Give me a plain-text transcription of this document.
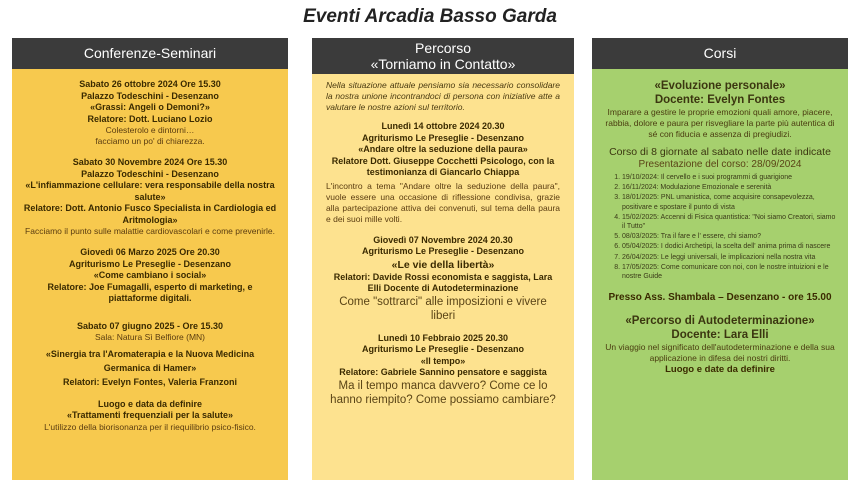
Eventi Arcadia Basso Garda
Conferenze-Seminari

Sabato 26 ottobre 2024 Ore 15.30

Palazzo Todeschini - Desenzano

«Grassi: Angeli o Demoni?»

Relatore: Dott. Luciano Lozio

Colesterolo e dintorni…

facciamo un po' di chiarezza.

Sabato 30 Novembre 2024 Ore 15.30

Palazzo Todeschini - Desenzano

«L'infiammazione cellulare: vera responsabile della nostra salute»

Relatore: Dott. Antonio Fusco Specialista in Cardiologia ed Aritmologia»

Facciamo il punto sulle malattie cardiovascolari e come prevenirle.

Giovedì 06 Marzo 2025 Ore 20.30

Agriturismo Le Preseglie - Desenzano

«Come cambiano i social»

Relatore: Joe Fumagalli, esperto di marketing, e piattaforme digitali.

Sabato 07 giugno 2025 - Ore 15.30

Sala: Natura Sì Belfiore (MN)

«Sinergia tra l'Aromaterapia e la Nuova Medicina Germanica di Hamer»

Relatori: Evelyn Fontes, Valeria Franzoni

Luogo e data da definire

«Trattamenti frequenziali per la salute»

L'utilizzo della biorisonanza per il riequilibrio psico-fisico.

Percorso
«Torniamo in Contatto»

Nella situazione attuale pensiamo sia necessario consolidare la nostra unione incontrandoci di persona con iniziative atte a valutare le nostre azioni sul territorio.

Lunedì 14 ottobre 2024 20.30

Agriturismo Le Preseglie - Desenzano

«Andare oltre la seduzione della paura»

Relatore Dott. Giuseppe Cocchetti Psicologo, con la testimonianza di Giancarlo Chiappa

L'incontro a tema "Andare oltre la seduzione della paura", vuole essere una occasione di riflessione condivisa, grazie alla partecipazione attiva dei convenuti, sul tema della paura e dei suoi mille volti.

Giovedì 07 Novembre 2024 20.30

Agriturismo Le Preseglie - Desenzano

«Le vie della libertà»

Relatori: Davide Rossi economista e saggista, Lara Elli Docente di Autodeterminazione

Come "sottrarci" alle imposizioni e vivere liberi

Lunedì 10 Febbraio 2025 20.30

Agriturismo Le Preseglie - Desenzano

«Il tempo»

Relatore: Gabriele Sannino pensatore e saggista

Ma il tempo manca davvero? Come ce lo hanno riempito? Come possiamo cambiare?

Corsi

«Evoluzione personale»

Docente: Evelyn Fontes

Imparare a gestire le proprie emozioni quali amore, piacere, rabbia, dolore e paura per risvegliare la parte più autentica di sé con fiducia e assenza di pregiudizi.

Corso di 8 giornate al sabato nelle date indicate

Presentazione del corso: 28/09/2024

1. 19/10/2024: Il cervello e i suoi programmi di guarigione
2. 16/11/2024: Modulazione Emozionale e serenità
3. 18/01/2025: PNL umanistica, come acquisire consapevolezza, positivare e spostare il punto di vista
4. 15/02/2025: Accenni di Fisica quantistica: "Noi siamo Creatori, siamo il Tutto"
5. 08/03/2025: Tra il fare e l' essere, chi siamo?
6. 05/04/2025: I dodici Archetipi, la scelta dell' anima prima di nascere
7. 26/04/2025: Le leggi universali, le implicazioni nella nostra vita
8. 17/05/2025: Come comunicare con noi, con le nostre intuizioni e le nostre Guide

Presso Ass. Shambala – Desenzano - ore 15.00

«Percorso di Autodeterminazione»

Docente: Lara Elli

Un viaggio nel significato dell'autodeterminazione e della sua applicazione in difesa dei nostri diritti.

Luogo e date da definire
